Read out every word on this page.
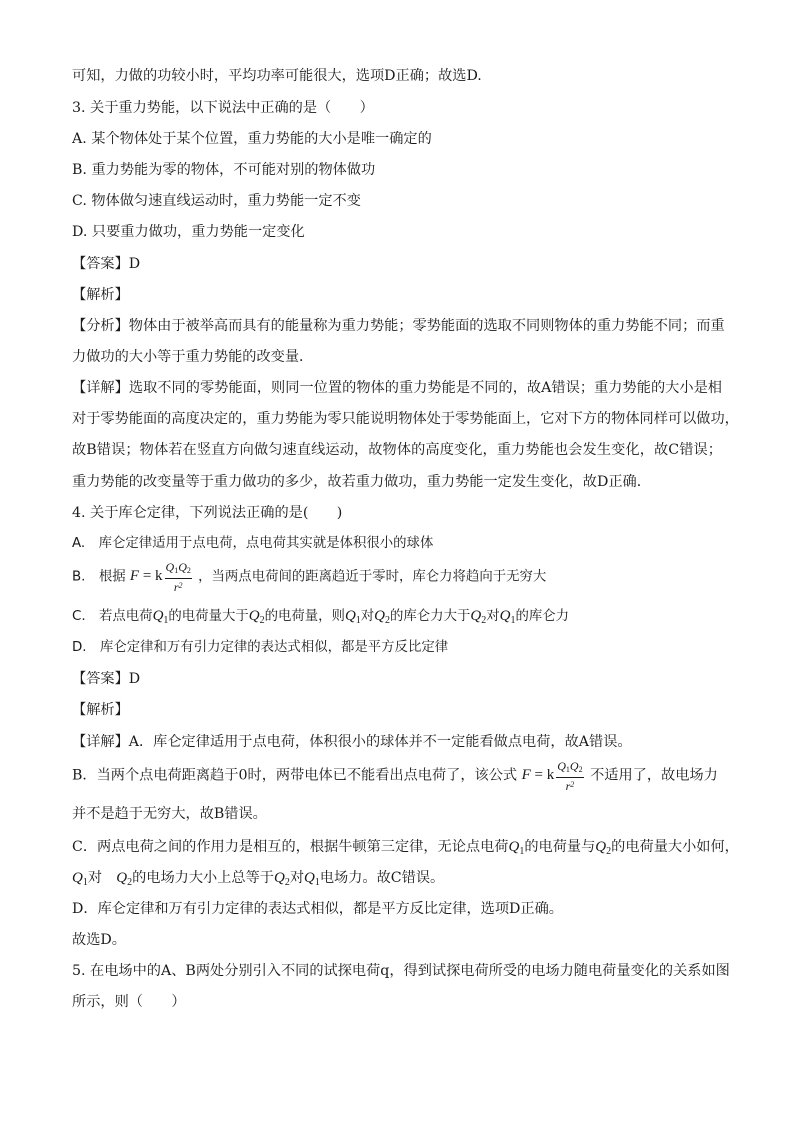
可知，力做的功较小时，平均功率可能很大，选项D正确；故选D.
3. 关于重力势能，以下说法中正确的是（　　）
A. 某个物体处于某个位置，重力势能的大小是唯一确定的
B. 重力势能为零的物体，不可能对别的物体做功
C. 物体做匀速直线运动时，重力势能一定不变
D. 只要重力做功，重力势能一定变化
【答案】D
【解析】
【分析】物体由于被举高而具有的能量称为重力势能；零势能面的选取不同则物体的重力势能不同；而重
力做功的大小等于重力势能的改变量．
【详解】选取不同的零势能面，则同一位置的物体的重力势能是不同的，故A错误；重力势能的大小是相
对于零势能面的高度决定的，重力势能为零只能说明物体处于零势能面上，它对下方的物体同样可以做功，
故B错误；物体若在竖直方向做匀速直线运动，故物体的高度变化，重力势能也会发生变化，故C错误；
重力势能的改变量等于重力做功的多少，故若重力做功，重力势能一定发生变化，故D正确．
4. 关于库仑定律，下列说法正确的是(　　)
A.　库仑定律适用于点电荷，点电荷其实就是体积很小的球体
B.　根据 F = k $\frac{Q_1Q_2}{r^2}$ ，当两点电荷间的距离趋近于零时，库仑力将趋向于无穷大
C.　若点电荷$Q_1$的电荷量大于$Q_2$的电荷量，则$Q_1$对$Q_2$的库仑力大于$Q_2$对$Q_1$的库仑力
D.　库仑定律和万有引力定律的表达式相似，都是平方反比定律
【答案】D
【解析】
【详解】A．库仑定律适用于点电荷，体积很小的球体并不一定能看做点电荷，故A错误。
B．当两个点电荷距离趋于0时，两带电体已不能看出点电荷了，该公式 F = k $\frac{Q_1Q_2}{r^2}$ 不适用了，故电场力
并不是趋于无穷大，故B错误。
C．两点电荷之间的作用力是相互的，根据牛顿第三定律，无论点电荷$Q_1$的电荷量与$Q_2$的电荷量大小如何，
$Q_1$对　$Q_2$的电场力大小上总等于$Q_2$对$Q_1$电场力。故C错误。
D．库仑定律和万有引力定律的表达式相似，都是平方反比定律，选项D正确。
故选D。
5. 在电场中的A、B两处分别引入不同的试探电荷q，得到试探电荷所受的电场力随电荷量变化的关系如图
所示，则（　　）
